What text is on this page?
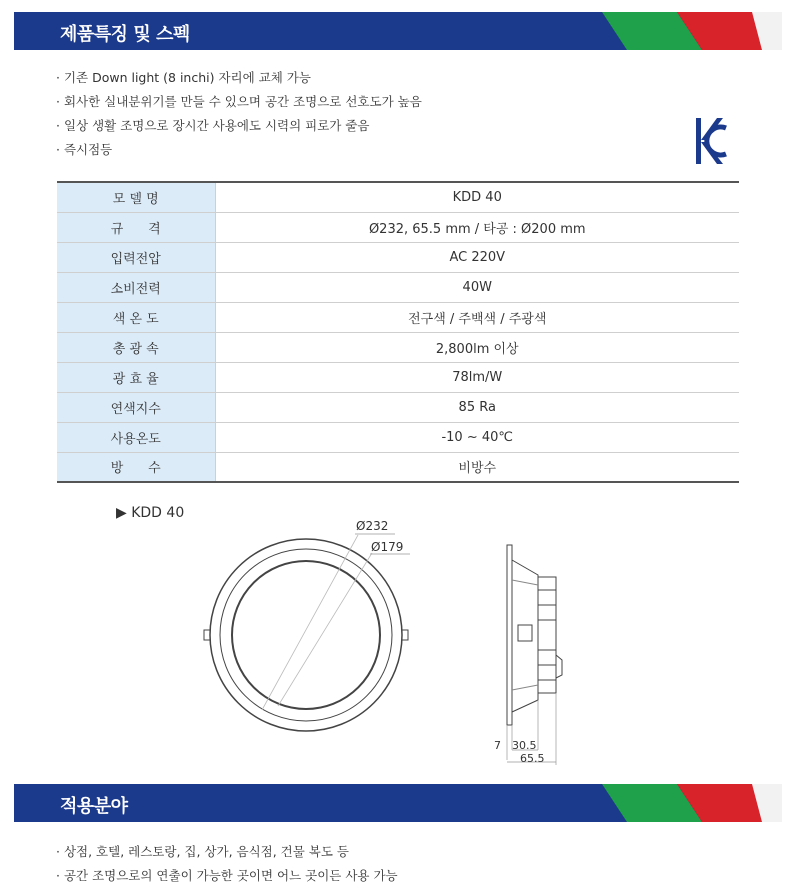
제품특징 및 스펙
· 기존 Down light (8 inchi) 자리에 교체 가능
· 회사한 실내분위기를 만들 수 있으며 공간 조명으로 선호도가 높음
· 일상 생활 조명으로 장시간 사용에도 시력의 피로가 줄음
· 즉시점등
KC
모 델 명	KDD 40
규      격	Ø232, 65.5 mm / 타공 : Ø200 mm
입력전압	AC 220V
소비전력	40W
색 온 도	전구색 / 주백색 / 주광색
총 광 속	2,800lm 이상
광 효 율	78lm/W
연색지수	85 Ra
사용온도	-10 ~ 40℃
방      수	비방수
▶ KDD 40
Ø232
Ø179
7 30.5
65.5
적용분야
· 상점, 호텔, 레스토랑, 집, 상가, 음식점, 건물 복도 등
· 공간 조명으로의 연출이 가능한 곳이면 어느 곳이든 사용 가능
